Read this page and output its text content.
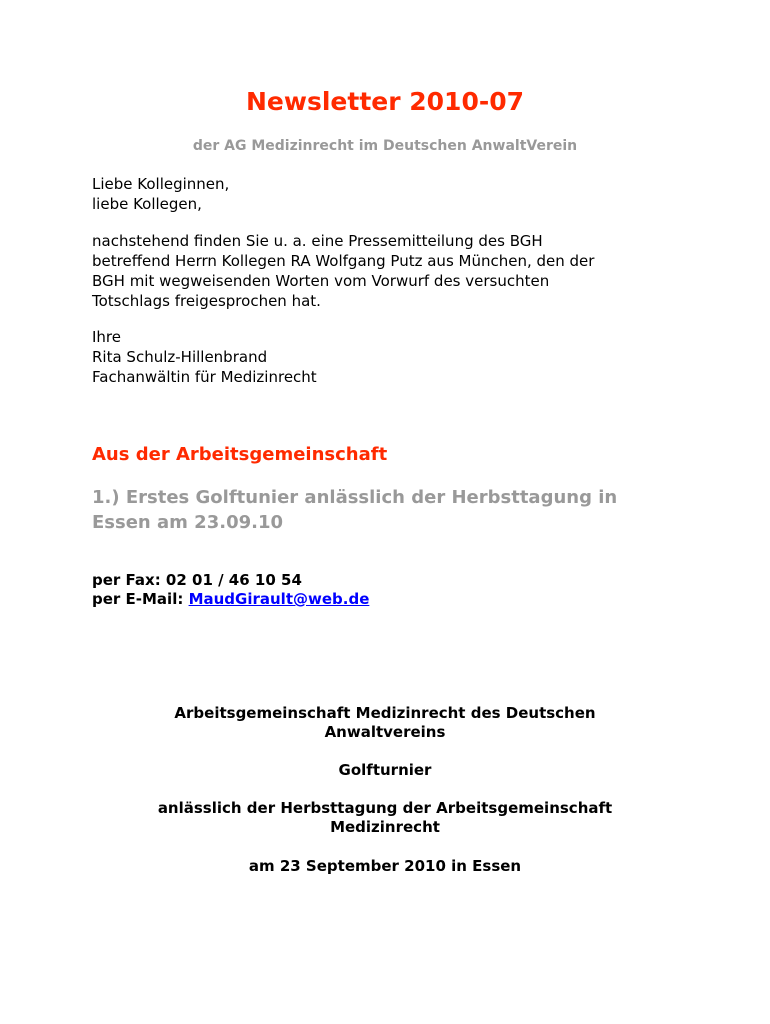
Newsletter 2010-07

der AG Medizinrecht im Deutschen AnwaltVerein

Liebe Kolleginnen,
liebe Kollegen,

nachstehend finden Sie u. a. eine Pressemitteilung des BGH
betreffend Herrn Kollegen RA Wolfgang Putz aus München, den der
BGH mit wegweisenden Worten vom Vorwurf des versuchten
Totschlags freigesprochen hat.

Ihre
Rita Schulz-Hillenbrand
Fachanwältin für Medizinrecht

Aus der Arbeitsgemeinschaft
1.) Erstes Golftunier anlässlich der Herbsttagung in
Essen am 23.09.10

per Fax: 02 01 / 46 10 54
per E-Mail: MaudGirault@web.de

Arbeitsgemeinschaft Medizinrecht des Deutschen
Anwaltvereins

Golfturnier

anlässlich der Herbsttagung der Arbeitsgemeinschaft
Medizinrecht

am 23 September 2010 in Essen
